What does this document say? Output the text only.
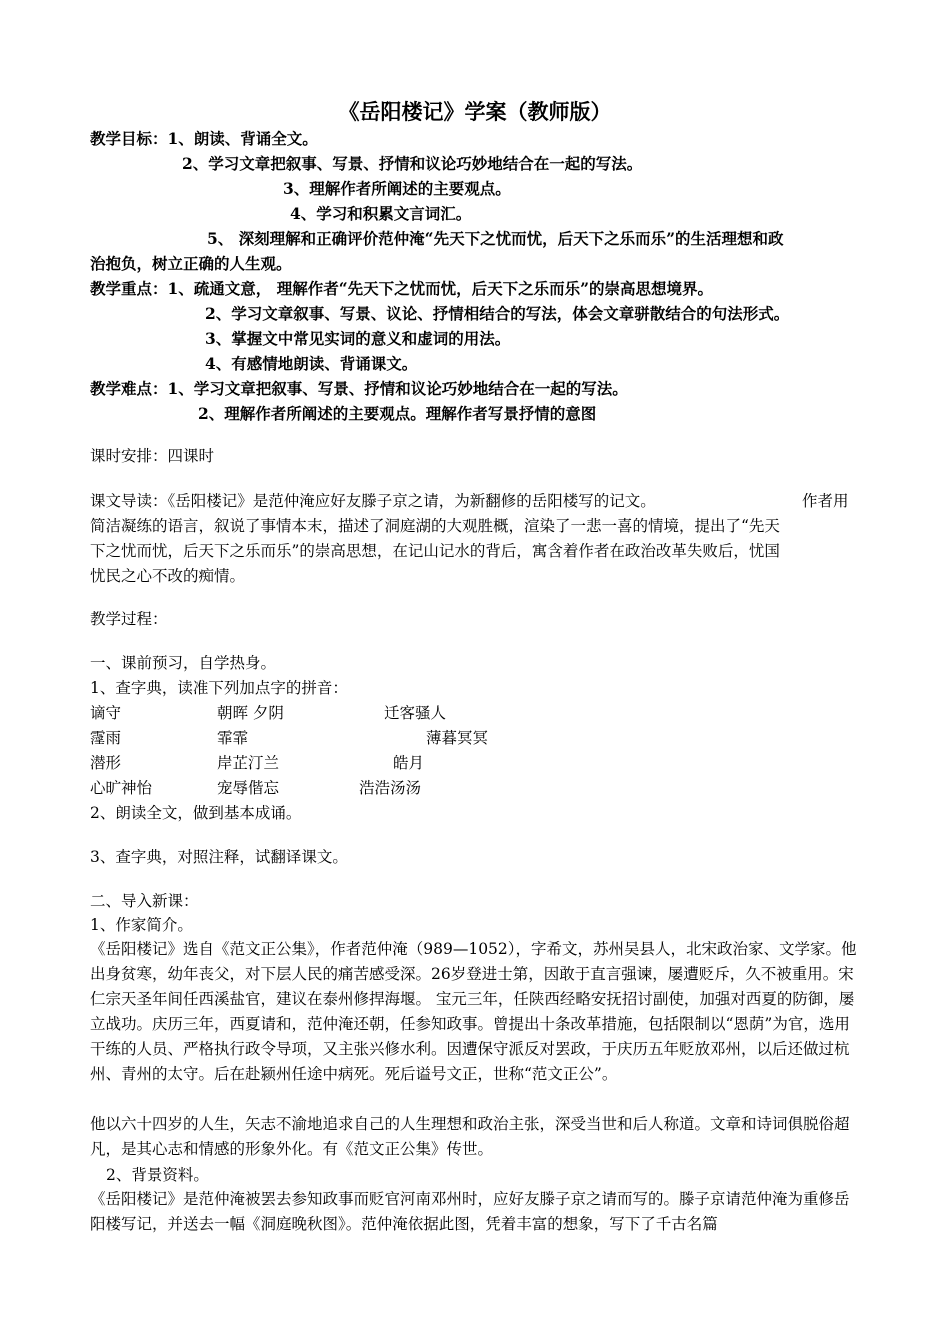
《岳阳楼记》学案（教师版）
教学目标：1、朗读、背诵全文。
2、学习文章把叙事、写景、抒情和议论巧妙地结合在一起的写法。
3、理解作者所阐述的主要观点。
4、学习和积累文言词汇。
5、 深刻理解和正确评价范仲淹“先天下之忧而忧，后天下之乐而乐”的生活理想和政
治抱负，树立正确的人生观。
教学重点：1、疏通文意， 理解作者“先天下之忧而忧，后天下之乐而乐”的崇高思想境界。
2、学习文章叙事、写景、议论、抒情相结合的写法，体会文章骈散结合的句法形式。
3、掌握文中常见实词的意义和虚词的用法。
4、有感情地朗读、背诵课文。
教学难点：1、学习文章把叙事、写景、抒情和议论巧妙地结合在一起的写法。
2、理解作者所阐述的主要观点。理解作者写景抒情的意图
课时安排：四课时
课文导读：《岳阳楼记》是范仲淹应好友滕子京之请，为新翻修的岳阳楼写的记文。	作者用
简洁凝练的语言，叙说了事情本末，描述了洞庭湖的大观胜概，渲染了一悲一喜的情境，提出了“先天
下之忧而忧，后天下之乐而乐”的崇高思想，在记山记水的背后，寓含着作者在政治改革失败后，忧国
忧民之心不改的痴情。
教学过程：
一、课前预习，自学热身。
1、查字典，读准下列加点字的拼音：
谪守	朝晖 夕阴	迁客骚人
霪雨	霏霏	薄暮冥冥
潜形	岸芷汀兰	皓月
心旷神怡	宠辱偕忘	浩浩汤汤
2、朗读全文，做到基本成诵。
3、查字典，对照注释，试翻译课文。
二、导入新课：
1、作家简介。
《岳阳楼记》选自《范文正公集》，作者范仲淹（989—1052），字希文，苏州吴县人，北宋政治家、文学家。他出身贫寒，幼年丧父，对下层人民的痛苦感受深。26岁登进士第，因敢于直言强谏，屡遭贬斥，久不被重用。宋仁宗天圣年间任西溪盐官，建议在泰州修捍海堰。 宝元三年，任陕西经略安抚招讨副使，加强对西夏的防御，屡立战功。庆历三年，西夏请和，范仲淹还朝，任参知政事。曾提出十条改革措施，包括限制以“恩荫”为官，选用干练的人员、严格执行政令导项，又主张兴修水利。因遭保守派反对罢政，于庆历五年贬放邓州，以后还做过杭州、青州的太守。后在赴颍州任途中病死。死后谥号文正，世称“范文正公”。
他以六十四岁的人生，矢志不渝地追求自己的人生理想和政治主张，深受当世和后人称道。文章和诗词俱脱俗超凡，是其心志和情感的形象外化。有《范文正公集》传世。
2、背景资料。
《岳阳楼记》是范仲淹被罢去参知政事而贬官河南邓州时，应好友滕子京之请而写的。滕子京请范仲淹为重修岳阳楼写记，并送去一幅《洞庭晚秋图》。范仲淹依据此图，凭着丰富的想象，写下了千古名篇
